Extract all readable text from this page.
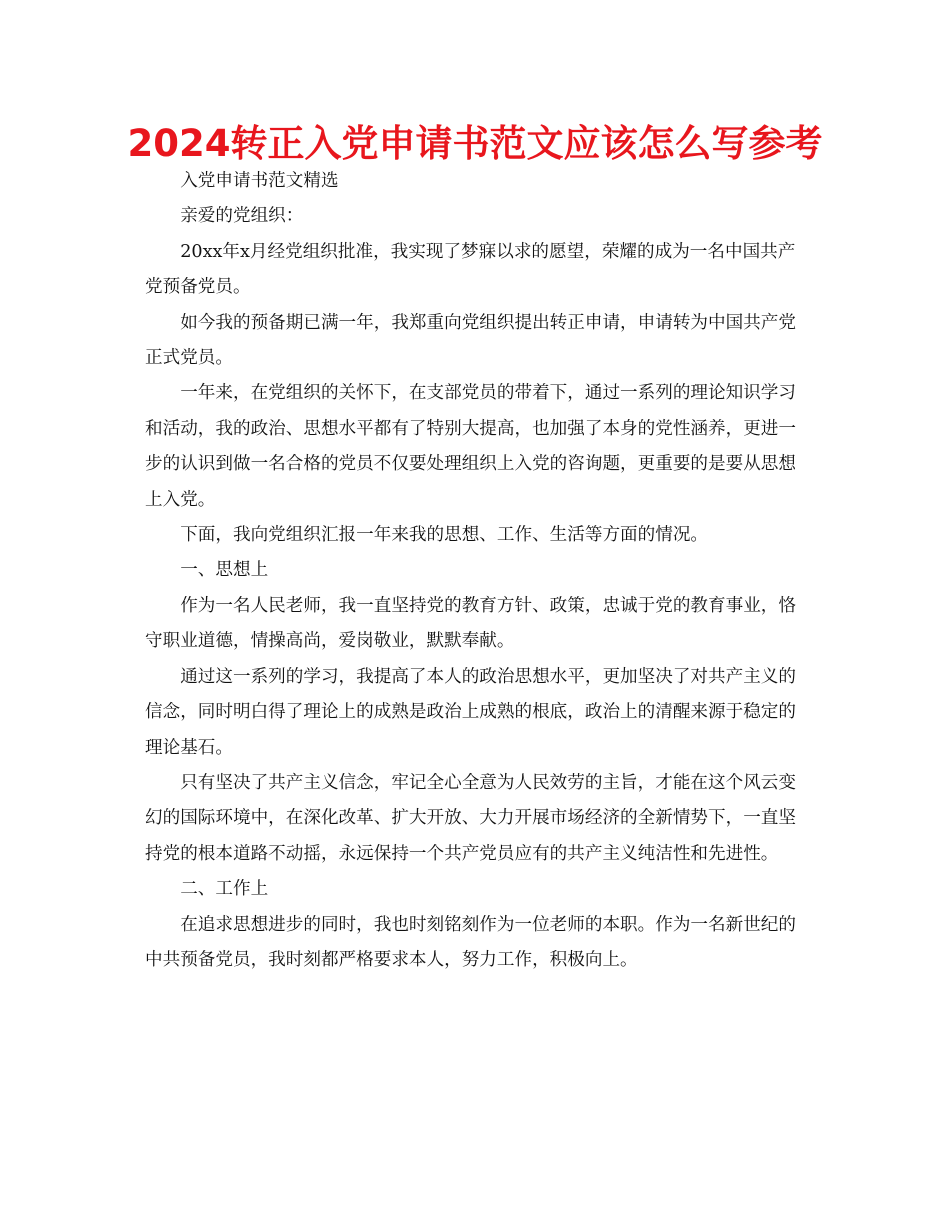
2024转正入党申请书范文应该怎么写参考

入党申请书范文精选

亲爱的党组织：

20xx年x月经党组织批准，我实现了梦寐以求的愿望，荣耀的成为一名中国共产党预备党员。

如今我的预备期已满一年，我郑重向党组织提出转正申请，申请转为中国共产党正式党员。

一年来，在党组织的关怀下，在支部党员的带着下，通过一系列的理论知识学习和活动，我的政治、思想水平都有了特别大提高，也加强了本身的党性涵养，更进一步的认识到做一名合格的党员不仅要处理组织上入党的咨询题，更重要的是要从思想上入党。

下面，我向党组织汇报一年来我的思想、工作、生活等方面的情况。

一、思想上

作为一名人民老师，我一直坚持党的教育方针、政策，忠诚于党的教育事业，恪守职业道德，情操高尚，爱岗敬业，默默奉献。

通过这一系列的学习，我提高了本人的政治思想水平，更加坚决了对共产主义的信念，同时明白得了理论上的成熟是政治上成熟的根底，政治上的清醒来源于稳定的理论基石。

只有坚决了共产主义信念，牢记全心全意为人民效劳的主旨，才能在这个风云变幻的国际环境中，在深化改革、扩大开放、大力开展市场经济的全新情势下，一直坚持党的根本道路不动摇，永远保持一个共产党员应有的共产主义纯洁性和先进性。

二、工作上

在追求思想进步的同时，我也时刻铭刻作为一位老师的本职。作为一名新世纪的中共预备党员，我时刻都严格要求本人，努力工作，积极向上。
